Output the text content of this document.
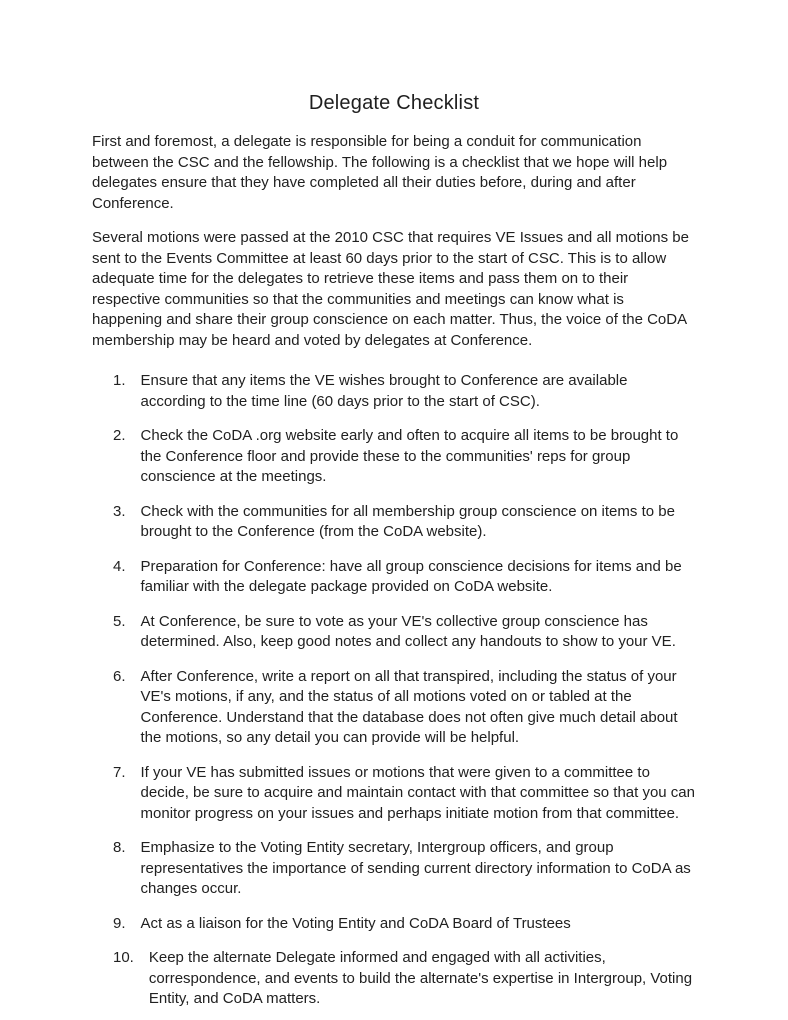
Delegate Checklist

First and foremost, a delegate is responsible for being a conduit for communication between the CSC and the fellowship. The following is a checklist that we hope will help delegates ensure that they have completed all their duties before, during and after Conference.

Several motions were passed at the 2010 CSC that requires VE Issues and all motions be sent to the Events Committee at least 60 days prior to the start of CSC. This is to allow adequate time for the delegates to retrieve these items and pass them on to their respective communities so that the communities and meetings can know what is happening and share their group conscience on each matter. Thus, the voice of the CoDA membership may be heard and voted by delegates at Conference.

1.	Ensure that any items the VE wishes brought to Conference are available according to the time line (60 days prior to the start of CSC).
2.	Check the CoDA .org website early and often to acquire all items to be brought to the Conference floor and provide these to the communities' reps for group conscience at the meetings.
3.	Check with the communities for all membership group conscience on items to be brought to the Conference (from the CoDA website).
4.	Preparation for Conference: have all group conscience decisions for items and be familiar with the delegate package provided on CoDA website.
5.	At Conference, be sure to vote as your VE's collective group conscience has determined. Also, keep good notes and collect any handouts to show to your VE.
6.	After Conference, write a report on all that transpired, including the status of your VE's motions, if any, and the status of all motions voted on or tabled at the Conference. Understand that the database does not often give much detail about the motions, so any detail you can provide will be helpful.
7.	If your VE has submitted issues or motions that were given to a committee to decide, be sure to acquire and maintain contact with that committee so that you can monitor progress on your issues and perhaps initiate motion from that committee.
8.	Emphasize to the Voting Entity secretary, Intergroup officers, and group representatives the importance of sending current directory information to CoDA as changes occur.
9.	Act as a liaison for the Voting Entity and CoDA Board of Trustees
10.	Keep the alternate Delegate informed and engaged with all activities, correspondence, and events to build the alternate's expertise in Intergroup, Voting Entity, and CoDA matters.
